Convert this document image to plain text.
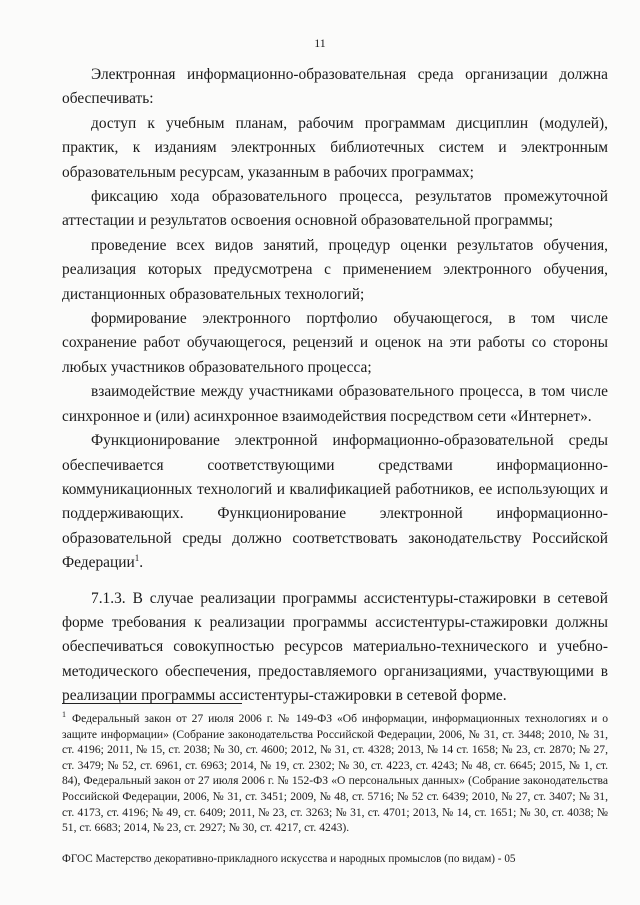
11

Электронная информационно-образовательная среда организации должна обеспечивать:

доступ к учебным планам, рабочим программам дисциплин (модулей), практик, к изданиям электронных библиотечных систем и электронным образовательным ресурсам, указанным в рабочих программах;

фиксацию хода образовательного процесса, результатов промежуточной аттестации и результатов освоения основной образовательной программы;

проведение всех видов занятий, процедур оценки результатов обучения, реализация которых предусмотрена с применением электронного обучения, дистанционных образовательных технологий;

формирование электронного портфолио обучающегося, в том числе сохранение работ обучающегося, рецензий и оценок на эти работы со стороны любых участников образовательного процесса;

взаимодействие между участниками образовательного процесса, в том числе синхронное и (или) асинхронное взаимодействия посредством сети «Интернет».

Функционирование электронной информационно-образовательной среды обеспечивается соответствующими средствами информационно-коммуникационных технологий и квалификацией работников, ее использующих и поддерживающих. Функционирование электронной информационно-образовательной среды должно соответствовать законодательству Российской Федерации$^1$.

7.1.3. В случае реализации программы ассистентуры-стажировки в сетевой форме требования к реализации программы ассистентуры-стажировки должны обеспечиваться совокупностью ресурсов материально-технического и учебно-методического обеспечения, предоставляемого организациями, участвующими в реализации программы ассистентуры-стажировки в сетевой форме.

$^1$ Федеральный закон от 27 июля 2006 г. № 149-ФЗ «Об информации, информационных технологиях и о защите информации» (Собрание законодательства Российской Федерации, 2006, № 31, ст. 3448; 2010, № 31, ст. 4196; 2011, № 15, ст. 2038; № 30, ст. 4600; 2012, № 31, ст. 4328; 2013, № 14 ст. 1658; № 23, ст. 2870; № 27, ст. 3479; № 52, ст. 6961, ст. 6963; 2014, № 19, ст. 2302; № 30, ст. 4223, ст. 4243; № 48, ст. 6645; 2015, № 1, ст. 84), Федеральный закон от 27 июля 2006 г. № 152-ФЗ «О персональных данных» (Собрание законодательства Российской Федерации, 2006, № 31, ст. 3451; 2009, № 48, ст. 5716; № 52 ст. 6439; 2010, № 27, ст. 3407; № 31, ст. 4173, ст. 4196; № 49, ст. 6409; 2011, № 23, ст. 3263; № 31, ст. 4701; 2013, № 14, ст. 1651; № 30, ст. 4038; № 51, ст. 6683; 2014, № 23, ст. 2927; № 30, ст. 4217, ст. 4243).
ФГОС Мастерство декоративно-прикладного искусства и народных промыслов (по видам) - 05
